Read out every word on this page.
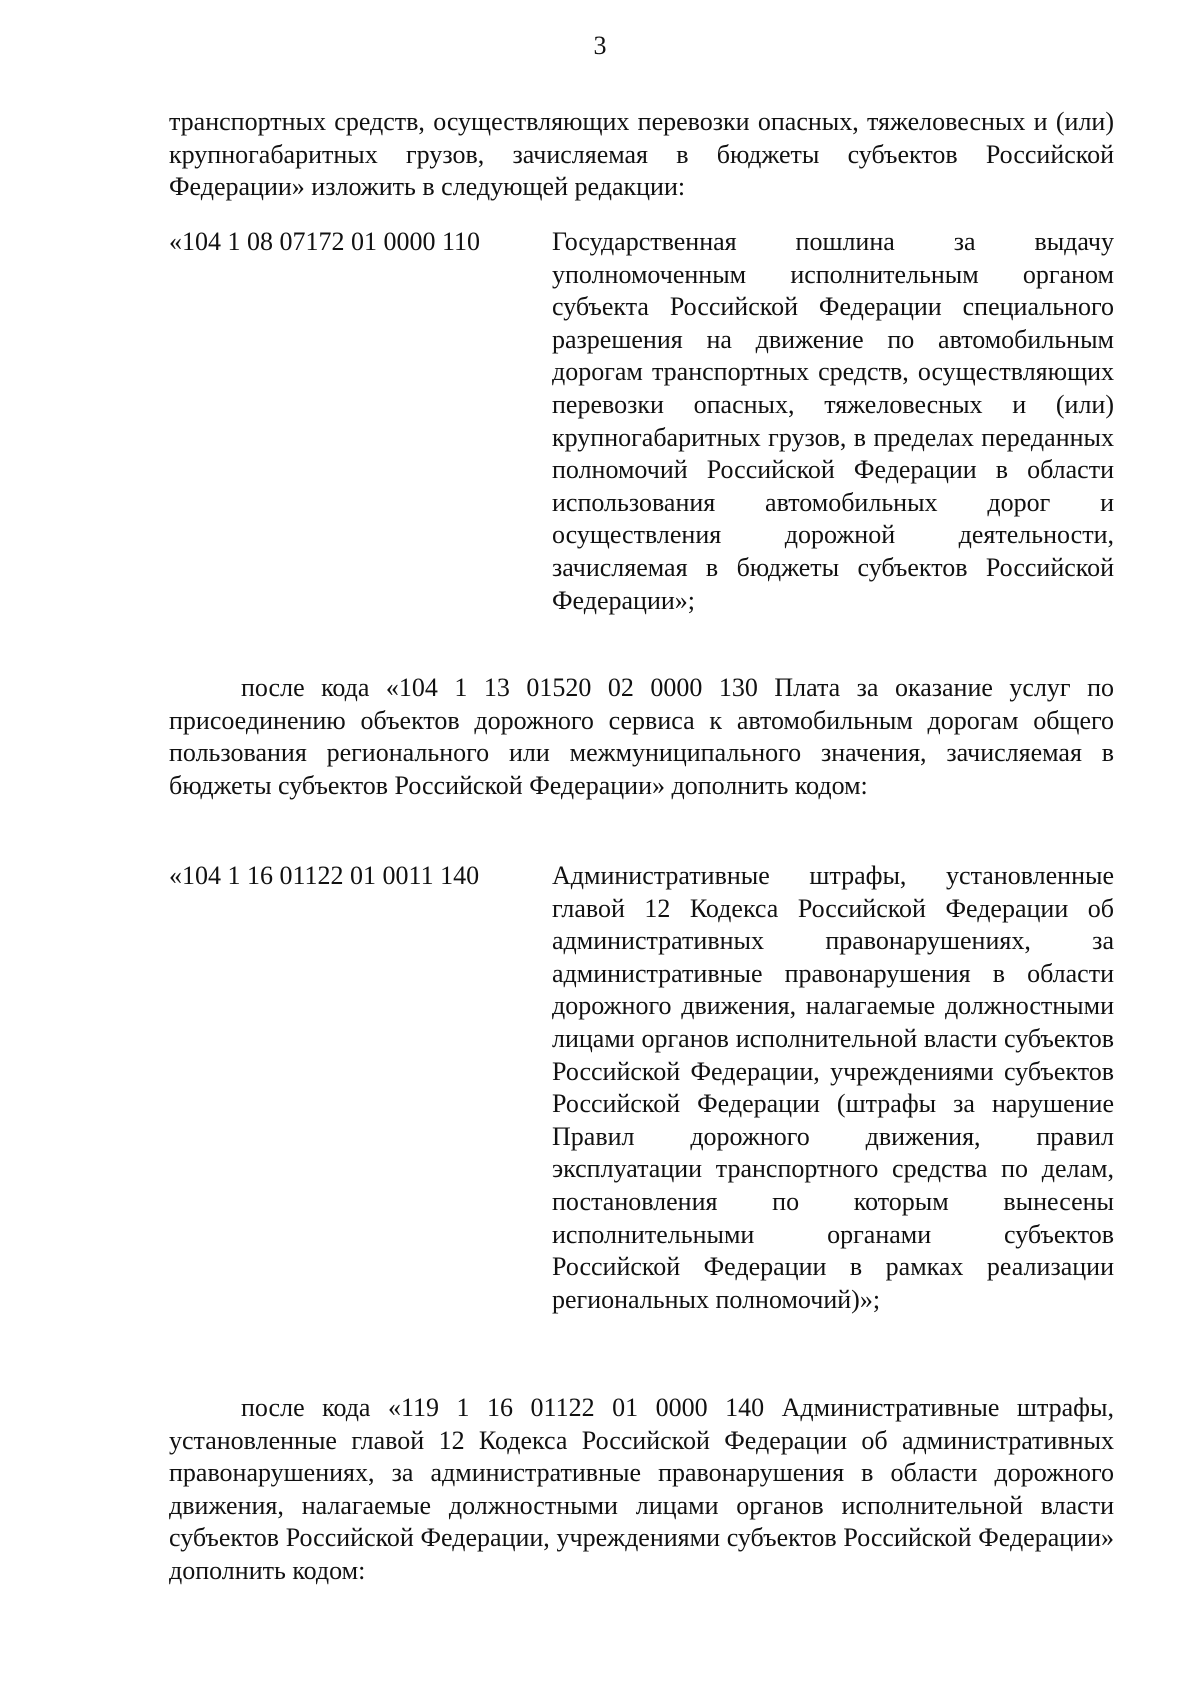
3

транспортных средств, осуществляющих перевозки опасных, тяжеловесных и (или) крупногабаритных грузов, зачисляемая в бюджеты субъектов Российской Федерации» изложить в следующей редакции:

«104 1 08 07172 01 0000 110	Государственная пошлина за выдачу уполномоченным исполнительным органом субъекта Российской Федерации специального разрешения на движение по автомобильным дорогам транспортных средств, осуществляющих перевозки опасных, тяжеловесных и (или) крупногабаритных грузов, в пределах переданных полномочий Российской Федерации в области использования автомобильных дорог и осуществления дорожной деятельности, зачисляемая в бюджеты субъектов Российской Федерации»;

после кода «104 1 13 01520 02 0000 130 Плата за оказание услуг по присоединению объектов дорожного сервиса к автомобильным дорогам общего пользования регионального или межмуниципального значения, зачисляемая в бюджеты субъектов Российской Федерации» дополнить кодом:

«104 1 16 01122 01 0011 140	Административные штрафы, установленные главой 12 Кодекса Российской Федерации об административных правонарушениях, за административные правонарушения в области дорожного движения, налагаемые должностными лицами органов исполнительной власти субъектов Российской Федерации, учреждениями субъектов Российской Федерации (штрафы за нарушение Правил дорожного движения, правил эксплуатации транспортного средства по делам, постановления по которым вынесены исполнительными органами субъектов Российской Федерации в рамках реализации региональных полномочий)»;

после кода «119 1 16 01122 01 0000 140 Административные штрафы, установленные главой 12 Кодекса Российской Федерации об административных правонарушениях, за административные правонарушения в области дорожного движения, налагаемые должностными лицами органов исполнительной власти субъектов Российской Федерации, учреждениями субъектов Российской Федерации» дополнить кодом:
